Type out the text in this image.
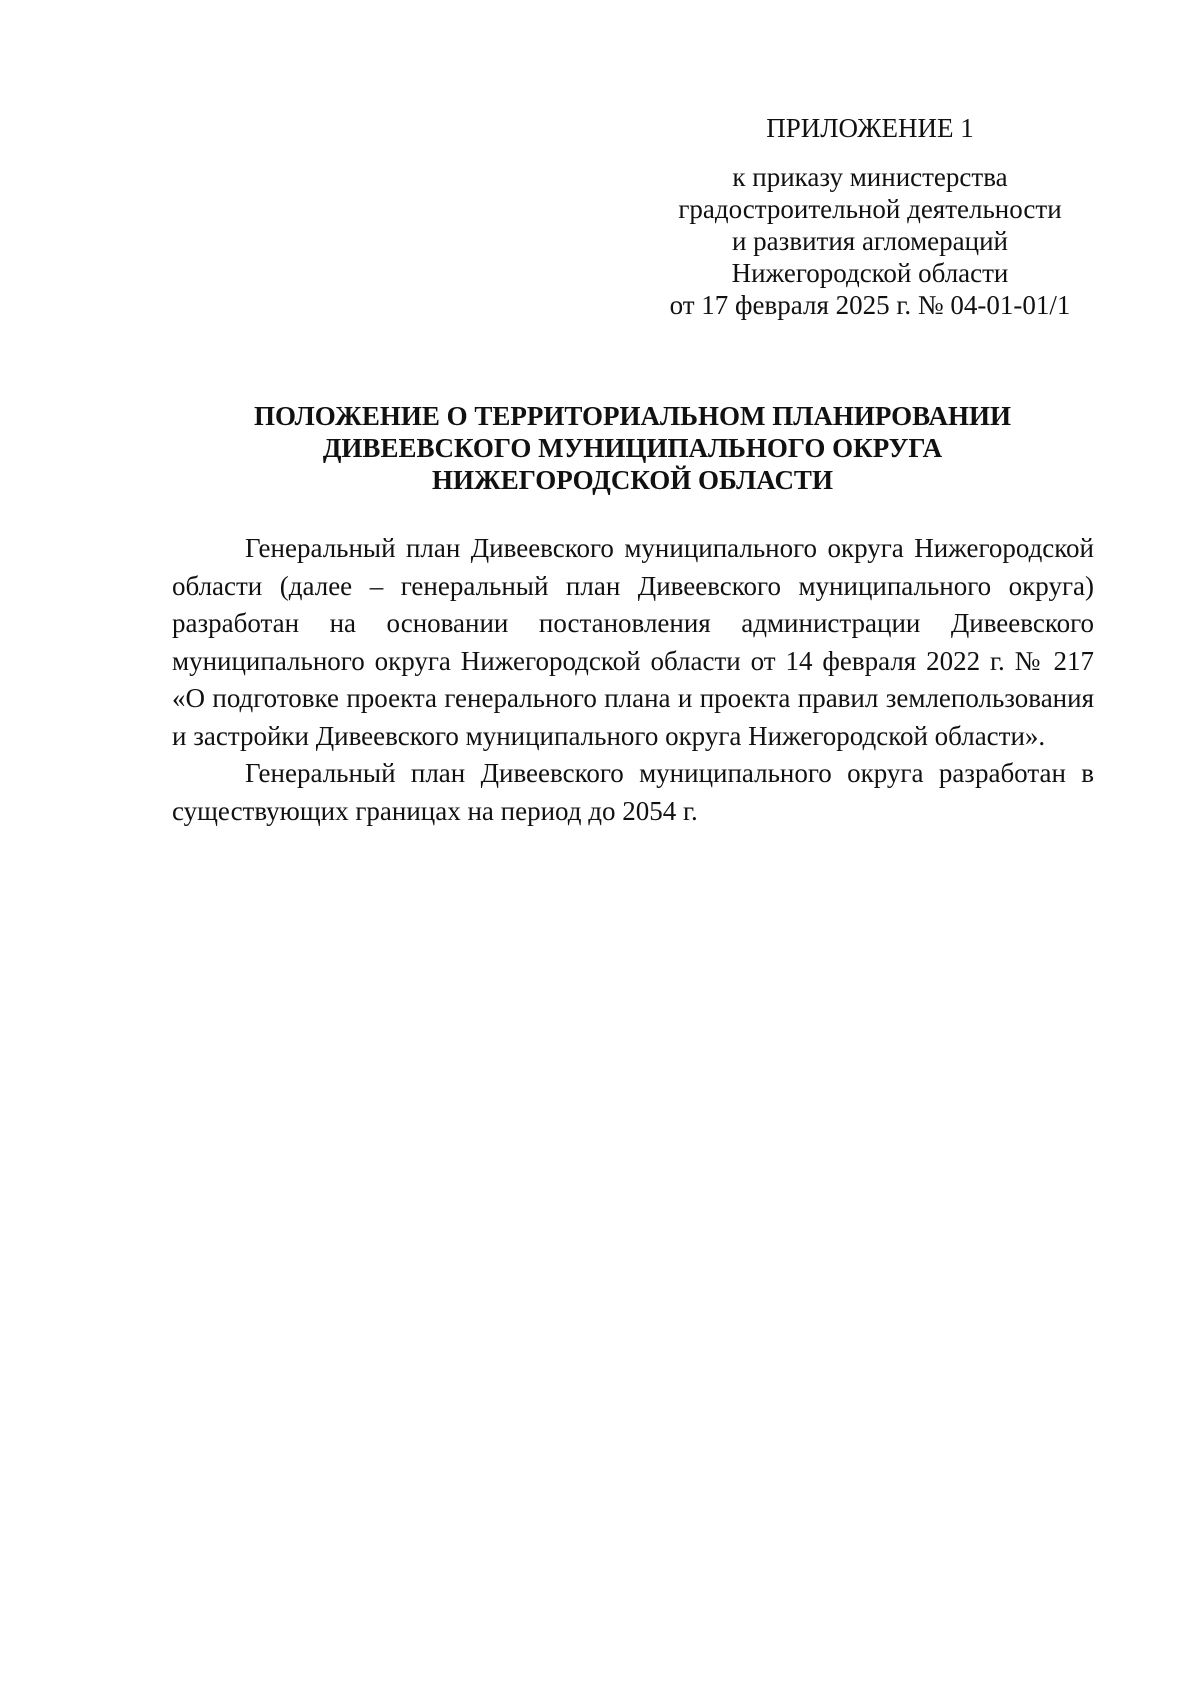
ПРИЛОЖЕНИЕ 1
к приказу министерства
градостроительной деятельности
и развития агломераций
Нижегородской области
от 17 февраля 2025 г. № 04-01-01/1
ПОЛОЖЕНИЕ О ТЕРРИТОРИАЛЬНОМ ПЛАНИРОВАНИИ
ДИВЕЕВСКОГО МУНИЦИПАЛЬНОГО ОКРУГА
НИЖЕГОРОДСКОЙ ОБЛАСТИ

Генеральный план Дивеевского муниципального округа Нижегородской области (далее – генеральный план Дивеевского муниципального округа) разработан на основании постановления администрации Дивеевского муниципального округа Нижегородской области от 14 февраля 2022 г. № 217 «О подготовке проекта генерального плана и проекта правил землепользования и застройки Дивеевского муниципального округа Нижегородской области».

Генеральный план Дивеевского муниципального округа разработан в существующих границах на период до 2054 г.
